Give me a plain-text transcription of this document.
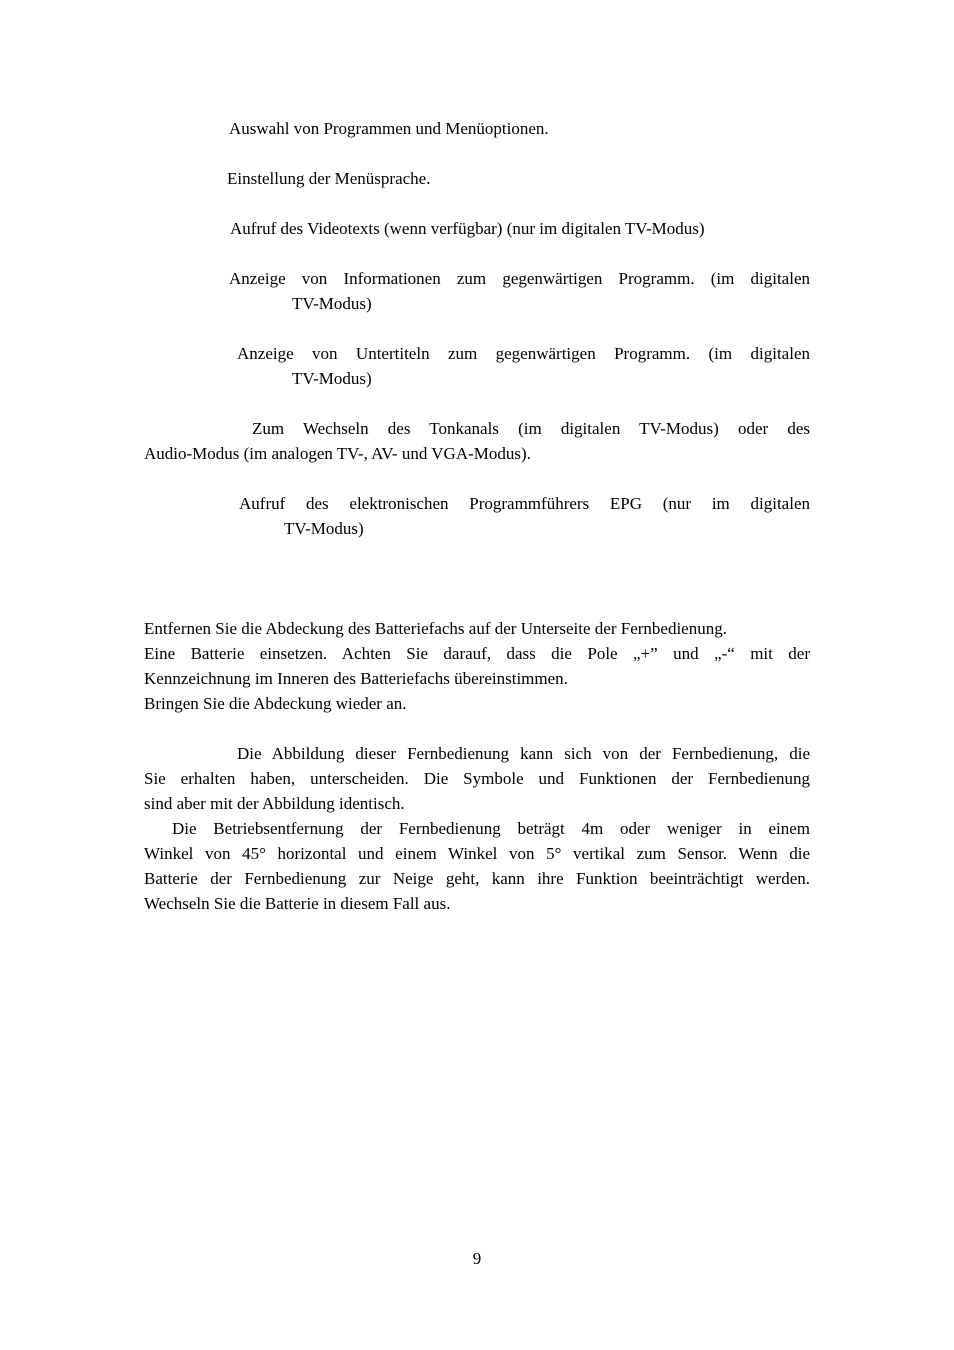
Auswahl von Programmen und Menüoptionen.
Einstellung der Menüsprache.
Aufruf des Videotexts (wenn verfügbar) (nur im digitalen TV-Modus)
Anzeige von Informationen zum gegenwärtigen Programm. (im digitalen
TV-Modus)
Anzeige von Untertiteln zum gegenwärtigen Programm. (im digitalen
TV-Modus)
Zum Wechseln des Tonkanals (im digitalen TV-Modus) oder des
Audio-Modus (im analogen TV-, AV- und VGA-Modus).
Aufruf des elektronischen Programmführers EPG (nur im digitalen
TV-Modus)
Entfernen Sie die Abdeckung des Batteriefachs auf der Unterseite der Fernbedienung.
Eine Batterie einsetzen. Achten Sie darauf, dass die Pole „+” und „-“ mit der
Kennzeichnung im Inneren des Batteriefachs übereinstimmen.
Bringen Sie die Abdeckung wieder an.
Die Abbildung dieser Fernbedienung kann sich von der Fernbedienung, die
Sie erhalten haben, unterscheiden. Die Symbole und Funktionen der Fernbedienung
sind aber mit der Abbildung identisch.
Die Betriebsentfernung der Fernbedienung beträgt 4m oder weniger in einem
Winkel von 45° horizontal und einem Winkel von 5° vertikal zum Sensor. Wenn die
Batterie der Fernbedienung zur Neige geht, kann ihre Funktion beeinträchtigt werden.
Wechseln Sie die Batterie in diesem Fall aus.
9
